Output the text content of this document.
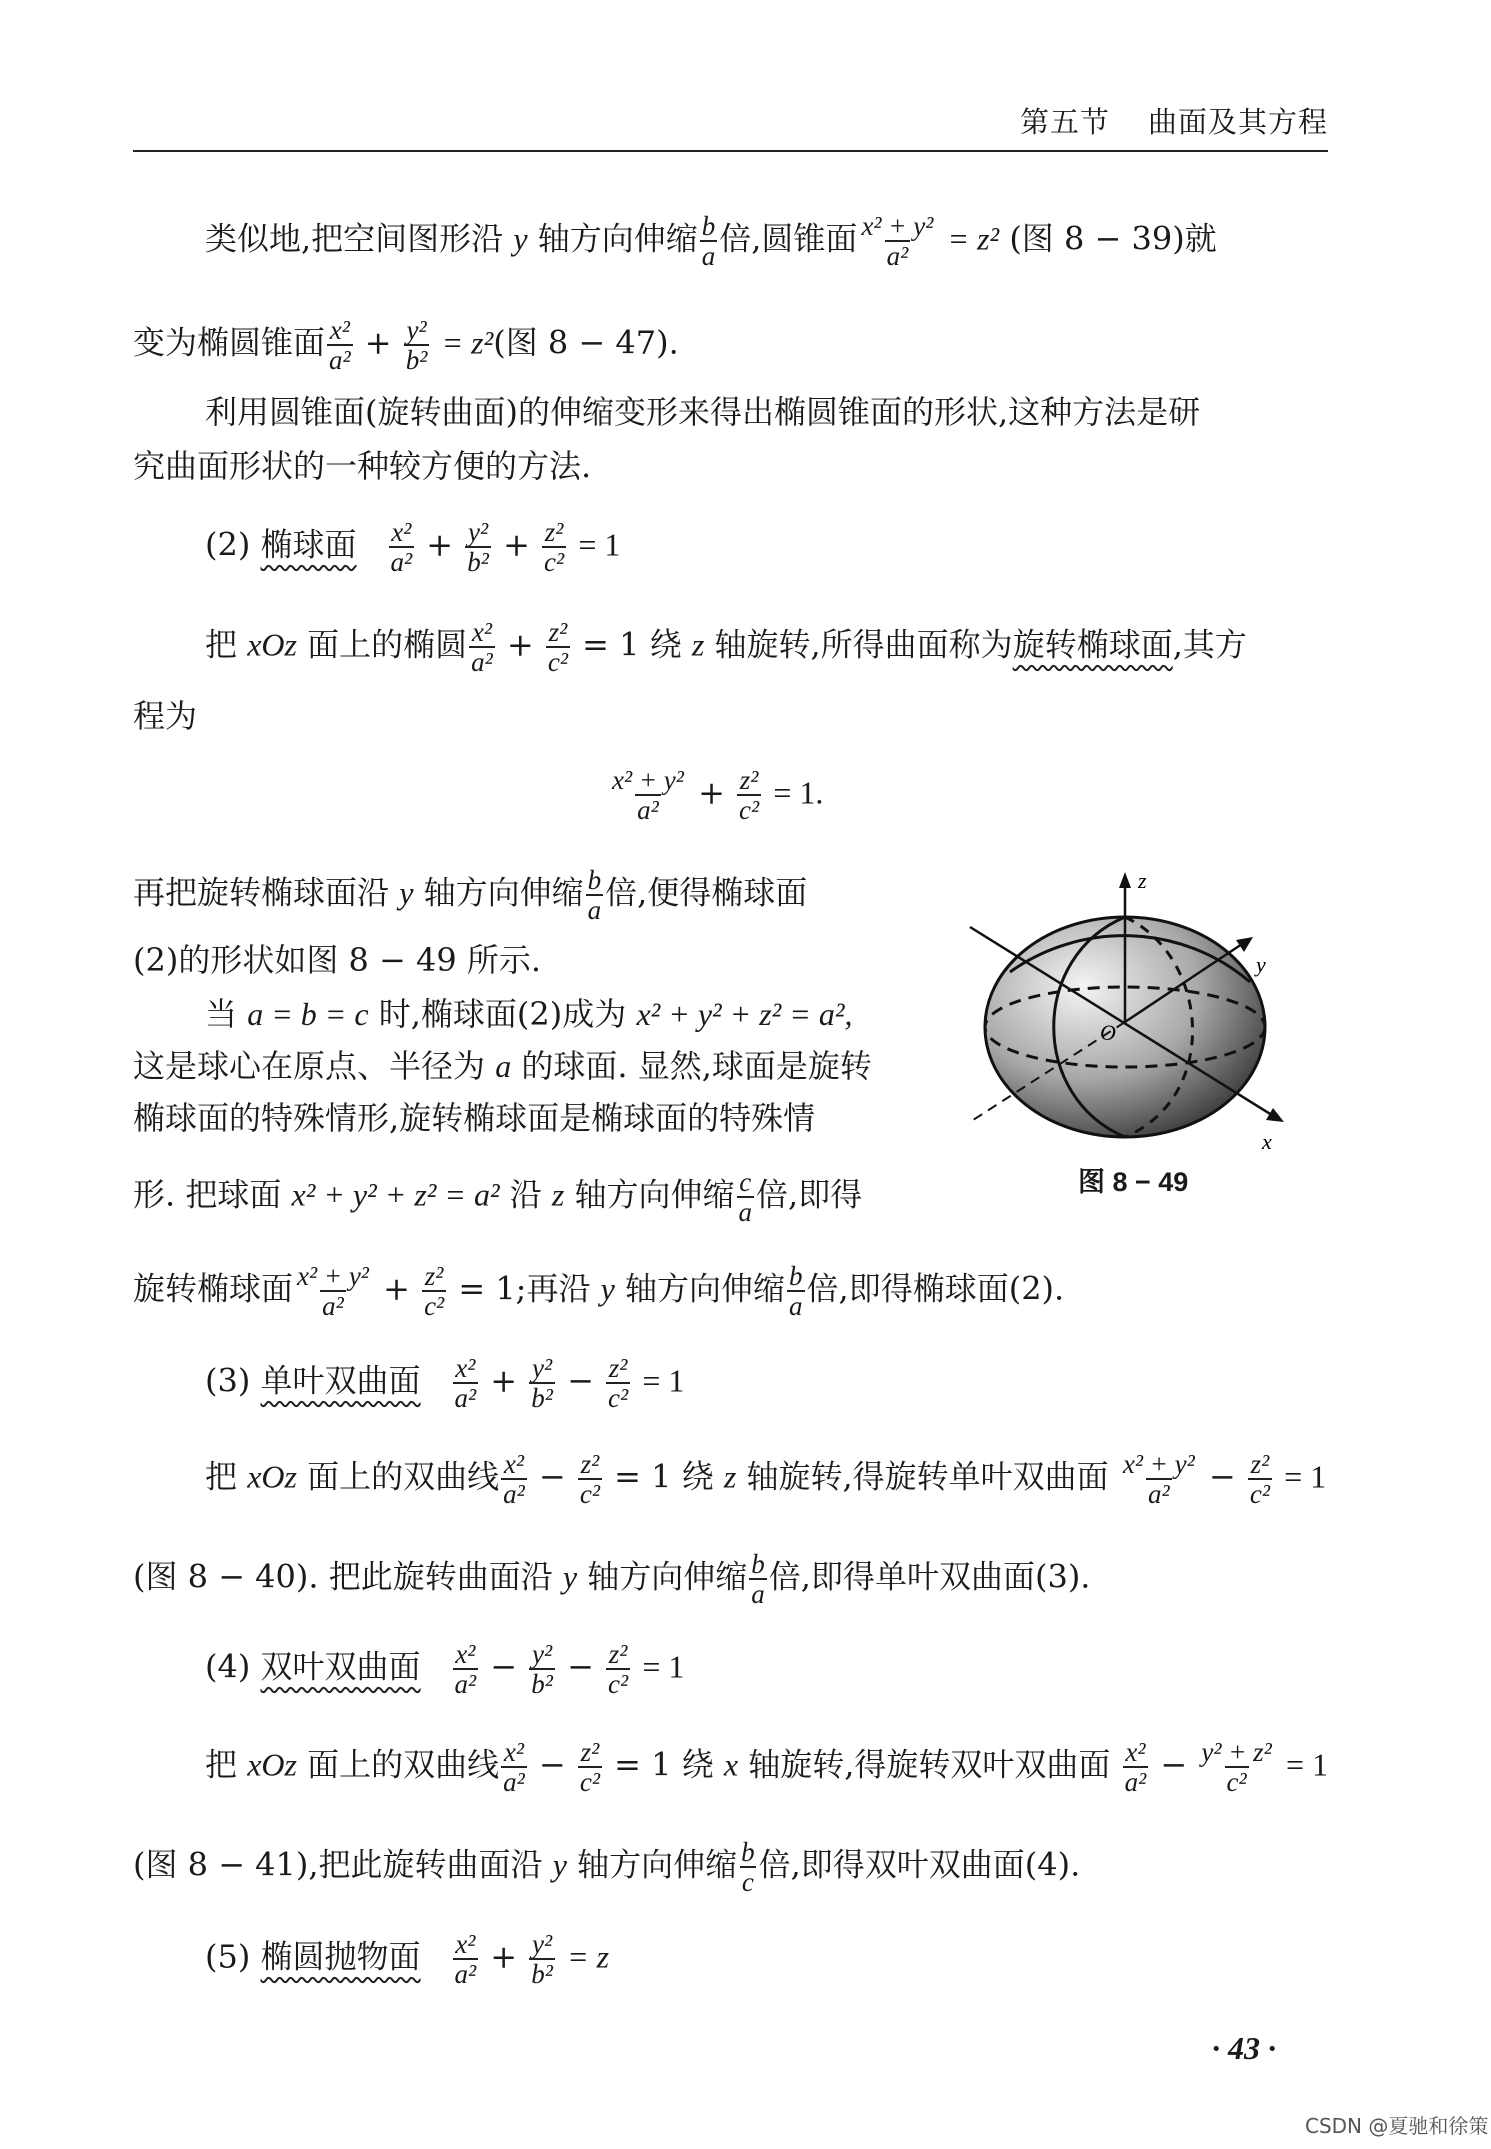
第五节 曲面及其方程
类似地,把空间图形沿 y 轴方向伸缩 $\frac{b}{a}$ 倍,圆锥面 $\frac{\text{x² + y²}}{\text{a²}} = z^2$ (图 8 − 39)就
变为椭圆锥面 $\frac{\text{x²}}{\text{a²}} + \frac{\text{y²}}{\text{b²}} = z^2$(图 8 − 47).
利用圆锥面(旋转曲面)的伸缩变形来得出椭圆锥面的形状,这种方法是研
究曲面形状的一种较方便的方法.
(2) 椭球面 $\frac{\text{x²}}{\text{a²}} + \frac{\text{y²}}{\text{b²}} + \frac{\text{z²}}{\text{c²}} = 1$
把 xOz 面上的椭圆 $\frac{\text{x²}}{\text{a²}} + \frac{\text{z²}}{\text{c²}} = 1$ 绕 z 轴旋转,所得曲面称为旋转椭球面,其方
程为
$\frac{\text{x² + y²}}{\text{a²}} + \frac{\text{z²}}{\text{c²}} = 1$.
再把旋转椭球面沿 y 轴方向伸缩 $\frac{b}{a}$ 倍,便得椭球面
(2)的形状如图 8 − 49 所示.
当 a = b = c 时,椭球面(2)成为 x² + y² + z² = a²,
这是球心在原点、半径为 a 的球面. 显然,球面是旋转
椭球面的特殊情形,旋转椭球面是椭球面的特殊情
形. 把球面 x² + y² + z² = a² 沿 z 轴方向伸缩 $\frac{c}{a}$ 倍,即得
旋转椭球面 $\frac{\text{x² + y²}}{\text{a²}} + \frac{\text{z²}}{\text{c²}} = 1$;再沿 y 轴方向伸缩 $\frac{b}{a}$ 倍,即得椭球面(2).
z
y
x
O
图 8 − 49
(3) 单叶双曲面 $\frac{\text{x²}}{\text{a²}} + \frac{\text{y²}}{\text{b²}} - \frac{\text{z²}}{\text{c²}} = 1$
把 xOz 面上的双曲线 $\frac{\text{x²}}{\text{a²}} - \frac{\text{z²}}{\text{c²}} = 1$ 绕 z 轴旋转,得旋转单叶双曲面 $\frac{\text{x² + y²}}{\text{a²}} - \frac{\text{z²}}{\text{c²}} = 1$
(图 8 − 40). 把此旋转曲面沿 y 轴方向伸缩 $\frac{b}{a}$ 倍,即得单叶双曲面(3).
(4) 双叶双曲面 $\frac{\text{x²}}{\text{a²}} - \frac{\text{y²}}{\text{b²}} - \frac{\text{z²}}{\text{c²}} = 1$
把 xOz 面上的双曲线 $\frac{\text{x²}}{\text{a²}} - \frac{\text{z²}}{\text{c²}} = 1$ 绕 x 轴旋转,得旋转双叶双曲面 $\frac{\text{x²}}{\text{a²}} - \frac{\text{y² + z²}}{\text{c²}} = 1$
(图 8 − 41),把此旋转曲面沿 y 轴方向伸缩 $\frac{b}{c}$ 倍,即得双叶双曲面(4).
(5) 椭圆抛物面 $\frac{\text{x²}}{\text{a²}} + \frac{\text{y²}}{\text{b²}} = z$
· 43 ·
CSDN @夏驰和徐策
